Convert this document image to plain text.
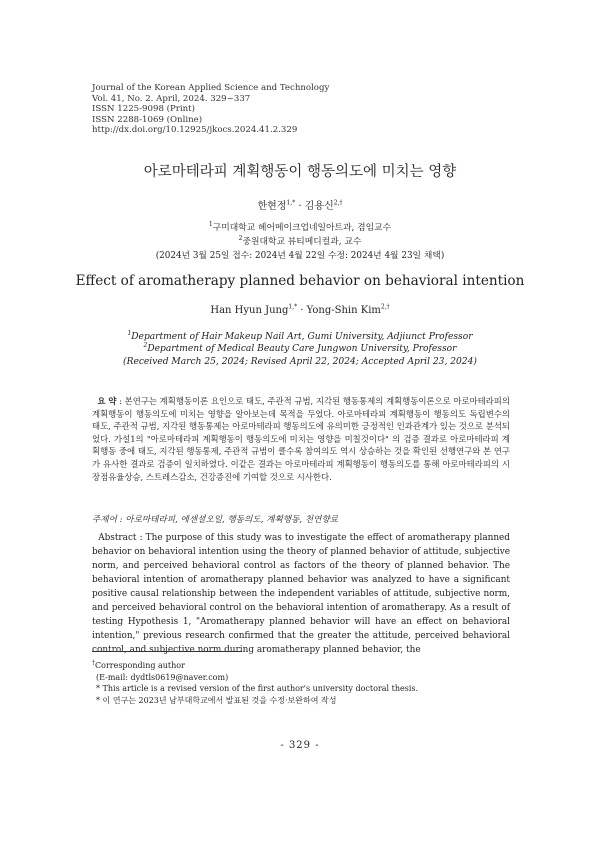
Journal of the Korean Applied Science and Technology
Vol. 41, No. 2. April, 2024. 329~337
ISSN 1225-9098 (Print)
ISSN 2288-1069 (Online)
http://dx.doi.org/10.12925/jkocs.2024.41.2.329
아로마테라피 계획행동이 행동의도에 미치는 영향
한현정$^{1,*}$ · 김용신$^{2,\dagger}$
$^1$구미대학교 헤어메이크업네일아트과, 겸임교수
$^2$중원대학교 뷰티메디컬과, 교수
(2024년 3월 25일 접수: 2024년 4월 22일 수정: 2024년 4월 23일 채택)
Effect of aromatherapy planned behavior on behavioral intention
Han Hyun Jung$^{1,*}$ · Yong-Shin Kim$^{2,\dagger}$
$^1$Department of Hair Makeup Nail Art, Gumi University, Adjiunct Professor
$^2$Department of Medical Beauty Care Jungwon University, Professor
(Received March 25, 2024; Revised April 22, 2024; Accepted April 23, 2024)
요 약 : 본연구는 계획행동이론 요인으로 태도, 주관적 규범, 지각된 행동통제의 계획행동이론으로 아로마테라피의 계획행동이 행동의도에 미치는 영향을 알아보는데 목적을 두었다. 아로마테라피 계획행동이 행동의도 독립변수의 태도, 주관적 규범, 지각된 행동통제는 아로마테라피 행동의도에 유의미한 긍정적인 인과관계가 있는 것으로 분석되었다. 가설1의 "아로마테라피 계획행동이 행동의도에 미치는 영향을 미칠것이다" 의 검증 결과로 아로마테라피 계획행동 중에 태도, 지각된 행동통제, 주관적 규범이 클수록 참여의도 역시 상승하는 것을 확인된 선행연구와 본 연구가 유사한 결과로 검증이 일치하였다. 이같은 결과는 아로마테라피 계획행동이 행동의도를 통해 아로마테라피의 시장점유율상승, 스트레스감소, 건강증진에 기여할 것으로 시사한다.
주제어 : 아로마테라피, 에센셜오일, 행동의도, 계획행동, 천연향료
Abstract : The purpose of this study was to investigate the effect of aromatherapy planned behavior on behavioral intention using the theory of planned behavior of attitude, subjective norm, and perceived behavioral control as factors of the theory of planned behavior. The behavioral intention of aromatherapy planned behavior was analyzed to have a significant positive causal relationship between the independent variables of attitude, subjective norm, and perceived behavioral control on the behavioral intention of aromatherapy. As a result of testing Hypothesis 1, "Aromatherapy planned behavior will have an effect on behavioral intention," previous research confirmed that the greater the attitude, perceived behavioral control, and subjective norm during aromatherapy planned behavior, the
†Corresponding author
(E-mail: dydtls0619@naver.com)
* This article is a revised version of the first author's university doctoral thesis.
* 이 연구는 2023년 남부대학교에서 발표된 것을 수정·보완하여 작성
- 329 -
